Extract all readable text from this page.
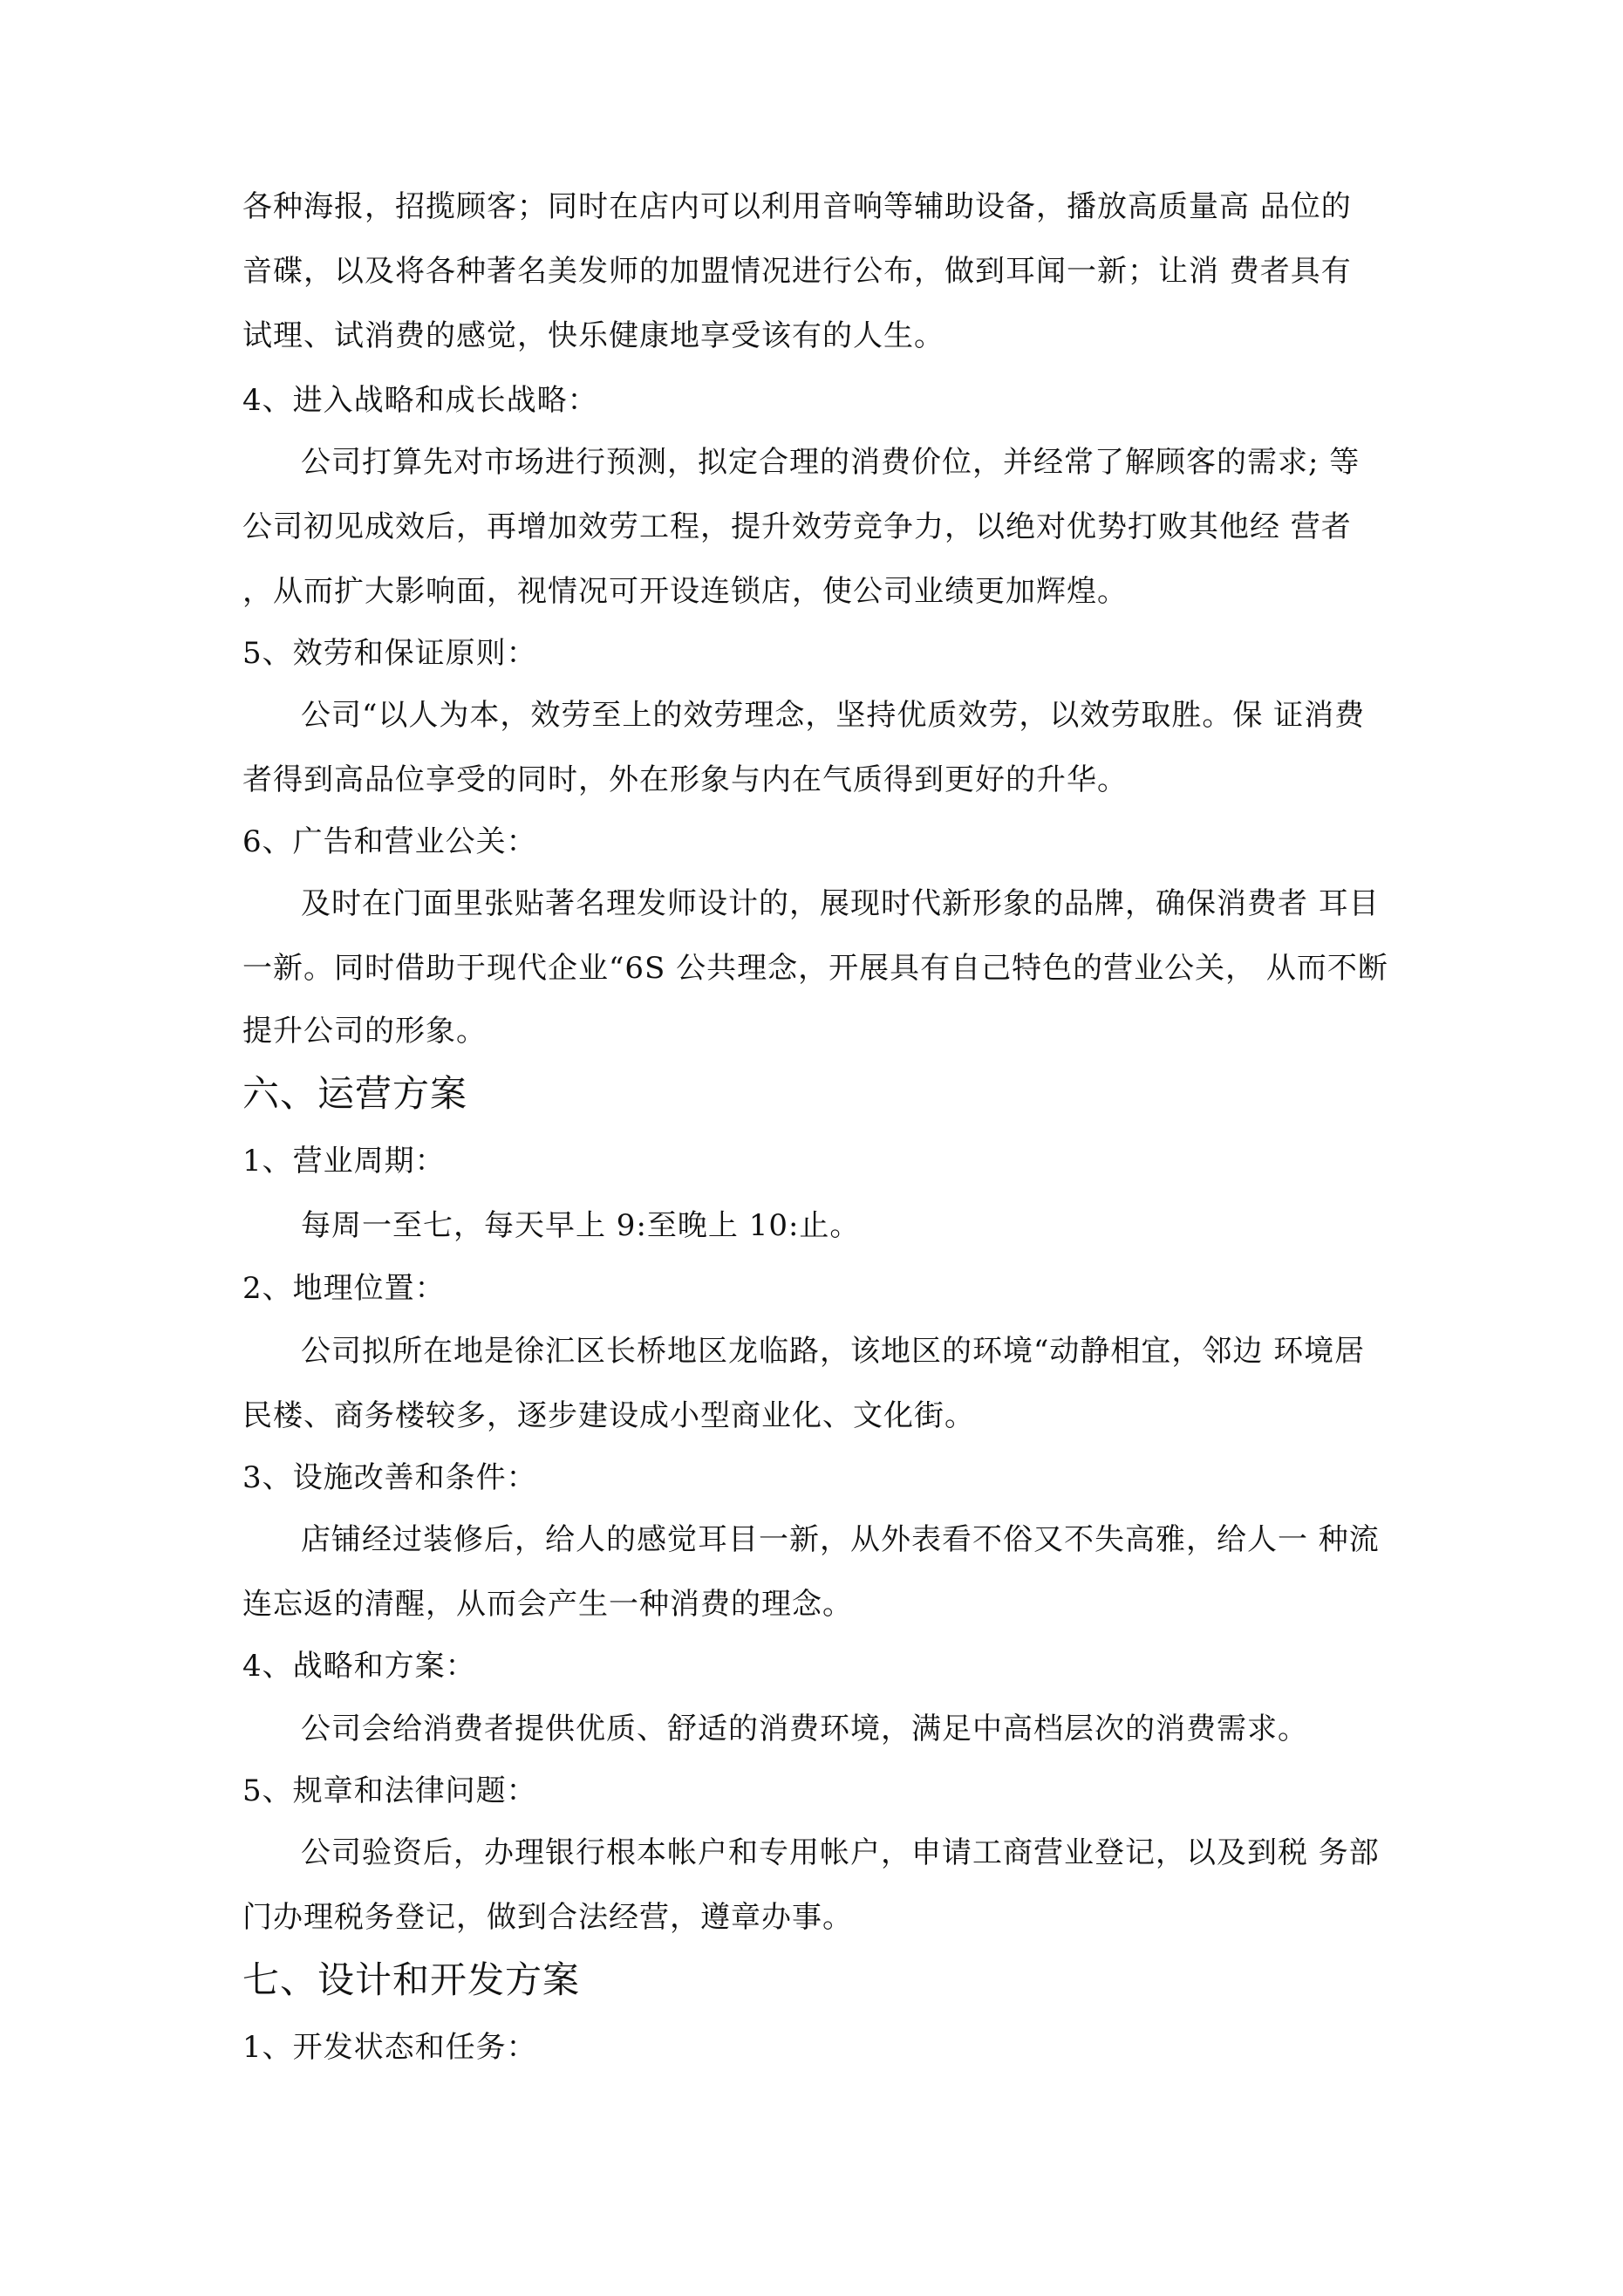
各种海报，招揽顾客；同时在店内可以利用音响等辅助设备，播放高质量高 品位的
音碟，以及将各种著名美发师的加盟情况进行公布，做到耳闻一新；让消 费者具有
试理、试消费的感觉，快乐健康地享受该有的人生。
4、进入战略和成长战略：
公司打算先对市场进行预测，拟定合理的消费价位，并经常了解顾客的需求; 等
公司初见成效后，再增加效劳工程，提升效劳竞争力，以绝对优势打败其他经 营者
，从而扩大影响面，视情况可开设连锁店，使公司业绩更加辉煌。
5、效劳和保证原则：
公司“以人为本，效劳至上的效劳理念，坚持优质效劳，以效劳取胜。保 证消费
者得到高品位享受的同时，外在形象与内在气质得到更好的升华。
6、广告和营业公关：
及时在门面里张贴著名理发师设计的，展现时代新形象的品牌，确保消费者 耳目
一新。同时借助于现代企业“6S 公共理念，开展具有自己特色的营业公关， 从而不断
提升公司的形象。
六、运营方案
1、营业周期：
每周一至七，每天早上 9:至晚上 10:止。
2、地理位置：
公司拟所在地是徐汇区长桥地区龙临路，该地区的环境“动静相宜，邻边 环境居
民楼、商务楼较多，逐步建设成小型商业化、文化街。
3、设施改善和条件：
店铺经过装修后，给人的感觉耳目一新，从外表看不俗又不失高雅，给人一 种流
连忘返的清醒，从而会产生一种消费的理念。
4、战略和方案：
公司会给消费者提供优质、舒适的消费环境，满足中高档层次的消费需求。
5、规章和法律问题：
公司验资后，办理银行根本帐户和专用帐户，申请工商营业登记，以及到税 务部
门办理税务登记，做到合法经营，遵章办事。
七、设计和开发方案
1、开发状态和任务：
